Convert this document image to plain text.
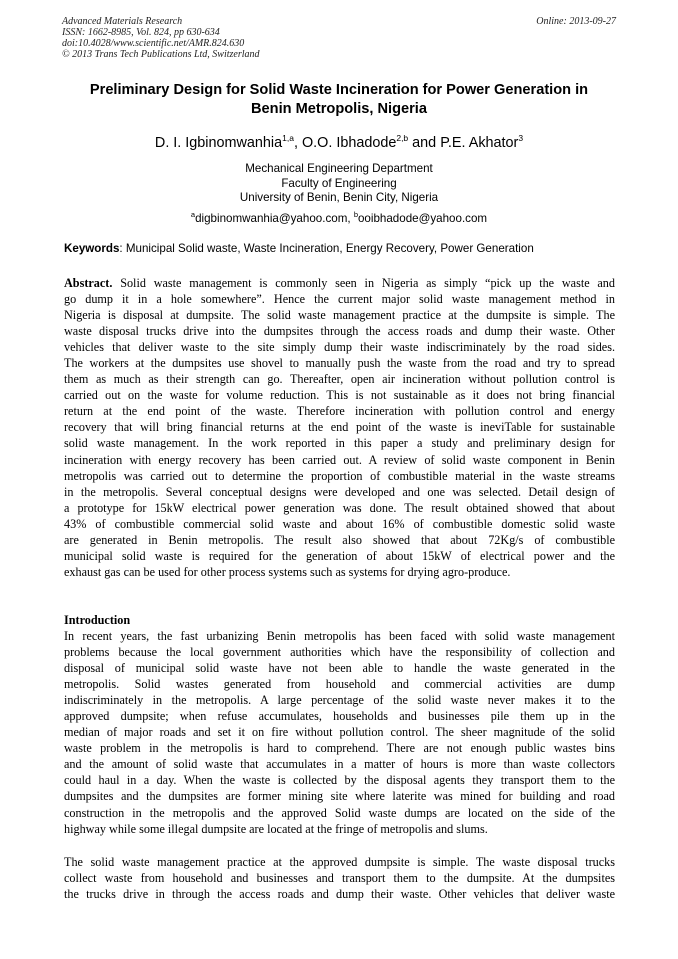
Advanced Materials Research
ISSN: 1662-8985, Vol. 824, pp 630-634
doi:10.4028/www.scientific.net/AMR.824.630
© 2013 Trans Tech Publications Ltd, Switzerland
Online: 2013-09-27
Preliminary Design for Solid Waste Incineration for Power Generation in
Benin Metropolis, Nigeria
D. I. Igbinomwanhia$^{1,a}$, O.O. Ibhadode$^{2,b}$ and P.E. Akhator$^3$
Mechanical Engineering Department
Faculty of Engineering
University of Benin, Benin City, Nigeria
$^a$digbinomwanhia@yahoo.com, $^b$ooibhadode@yahoo.com
Keywords: Municipal Solid waste, Waste Incineration, Energy Recovery, Power Generation
Abstract. Solid waste management is commonly seen in Nigeria as simply “pick up the waste and
go dump it in a hole somewhere”. Hence the current major solid waste management method in
Nigeria is disposal at dumpsite. The solid waste management practice at the dumpsite is simple. The
waste disposal trucks drive into the dumpsites through the access roads and dump their waste. Other
vehicles that deliver waste to the site simply dump their waste indiscriminately by the road sides.
The workers at the dumpsites use shovel to manually push the waste from the road and try to spread
them as much as their strength can go. Thereafter, open air incineration without pollution control is
carried out on the waste for volume reduction. This is not sustainable as it does not bring financial
return at the end point of the waste. Therefore incineration with pollution control and energy
recovery that will bring financial returns at the end point of the waste is ineviTable for sustainable
solid waste management. In the work reported in this paper a study and preliminary design for
incineration with energy recovery has been carried out. A review of solid waste component in Benin
metropolis was carried out to determine the proportion of combustible material in the waste streams
in the metropolis. Several conceptual designs were developed and one was selected. Detail design of
a prototype for 15kW electrical power generation was done. The result obtained showed that about
43% of combustible commercial solid waste and about 16% of combustible domestic solid waste
are generated in Benin metropolis. The result also showed that about 72Kg/s of combustible
municipal solid waste is required for the generation of about 15kW of electrical power and the
exhaust gas can be used for other process systems such as systems for drying agro-produce.
Introduction
In recent years, the fast urbanizing Benin metropolis has been faced with solid waste management
problems because the local government authorities which have the responsibility of collection and
disposal of municipal solid waste have not been able to handle the waste generated in the
metropolis. Solid wastes generated from household and commercial activities are dump
indiscriminately in the metropolis. A large percentage of the solid waste never makes it to the
approved dumpsite; when refuse accumulates, households and businesses pile them up in the
median of major roads and set it on fire without pollution control. The sheer magnitude of the solid
waste problem in the metropolis is hard to comprehend. There are not enough public wastes bins
and the amount of solid waste that accumulates in a matter of hours is more than waste collectors
could haul in a day. When the waste is collected by the disposal agents they transport them to the
dumpsites and the dumpsites are former mining site where laterite was mined for building and road
construction in the metropolis and the approved Solid waste dumps are located on the side of the
highway while some illegal dumpsite are located at the fringe of metropolis and slums.
The solid waste management practice at the approved dumpsite is simple. The waste disposal trucks
collect waste from household and businesses and transport them to the dumpsite. At the dumpsites
the trucks drive in through the access roads and dump their waste. Other vehicles that deliver waste
